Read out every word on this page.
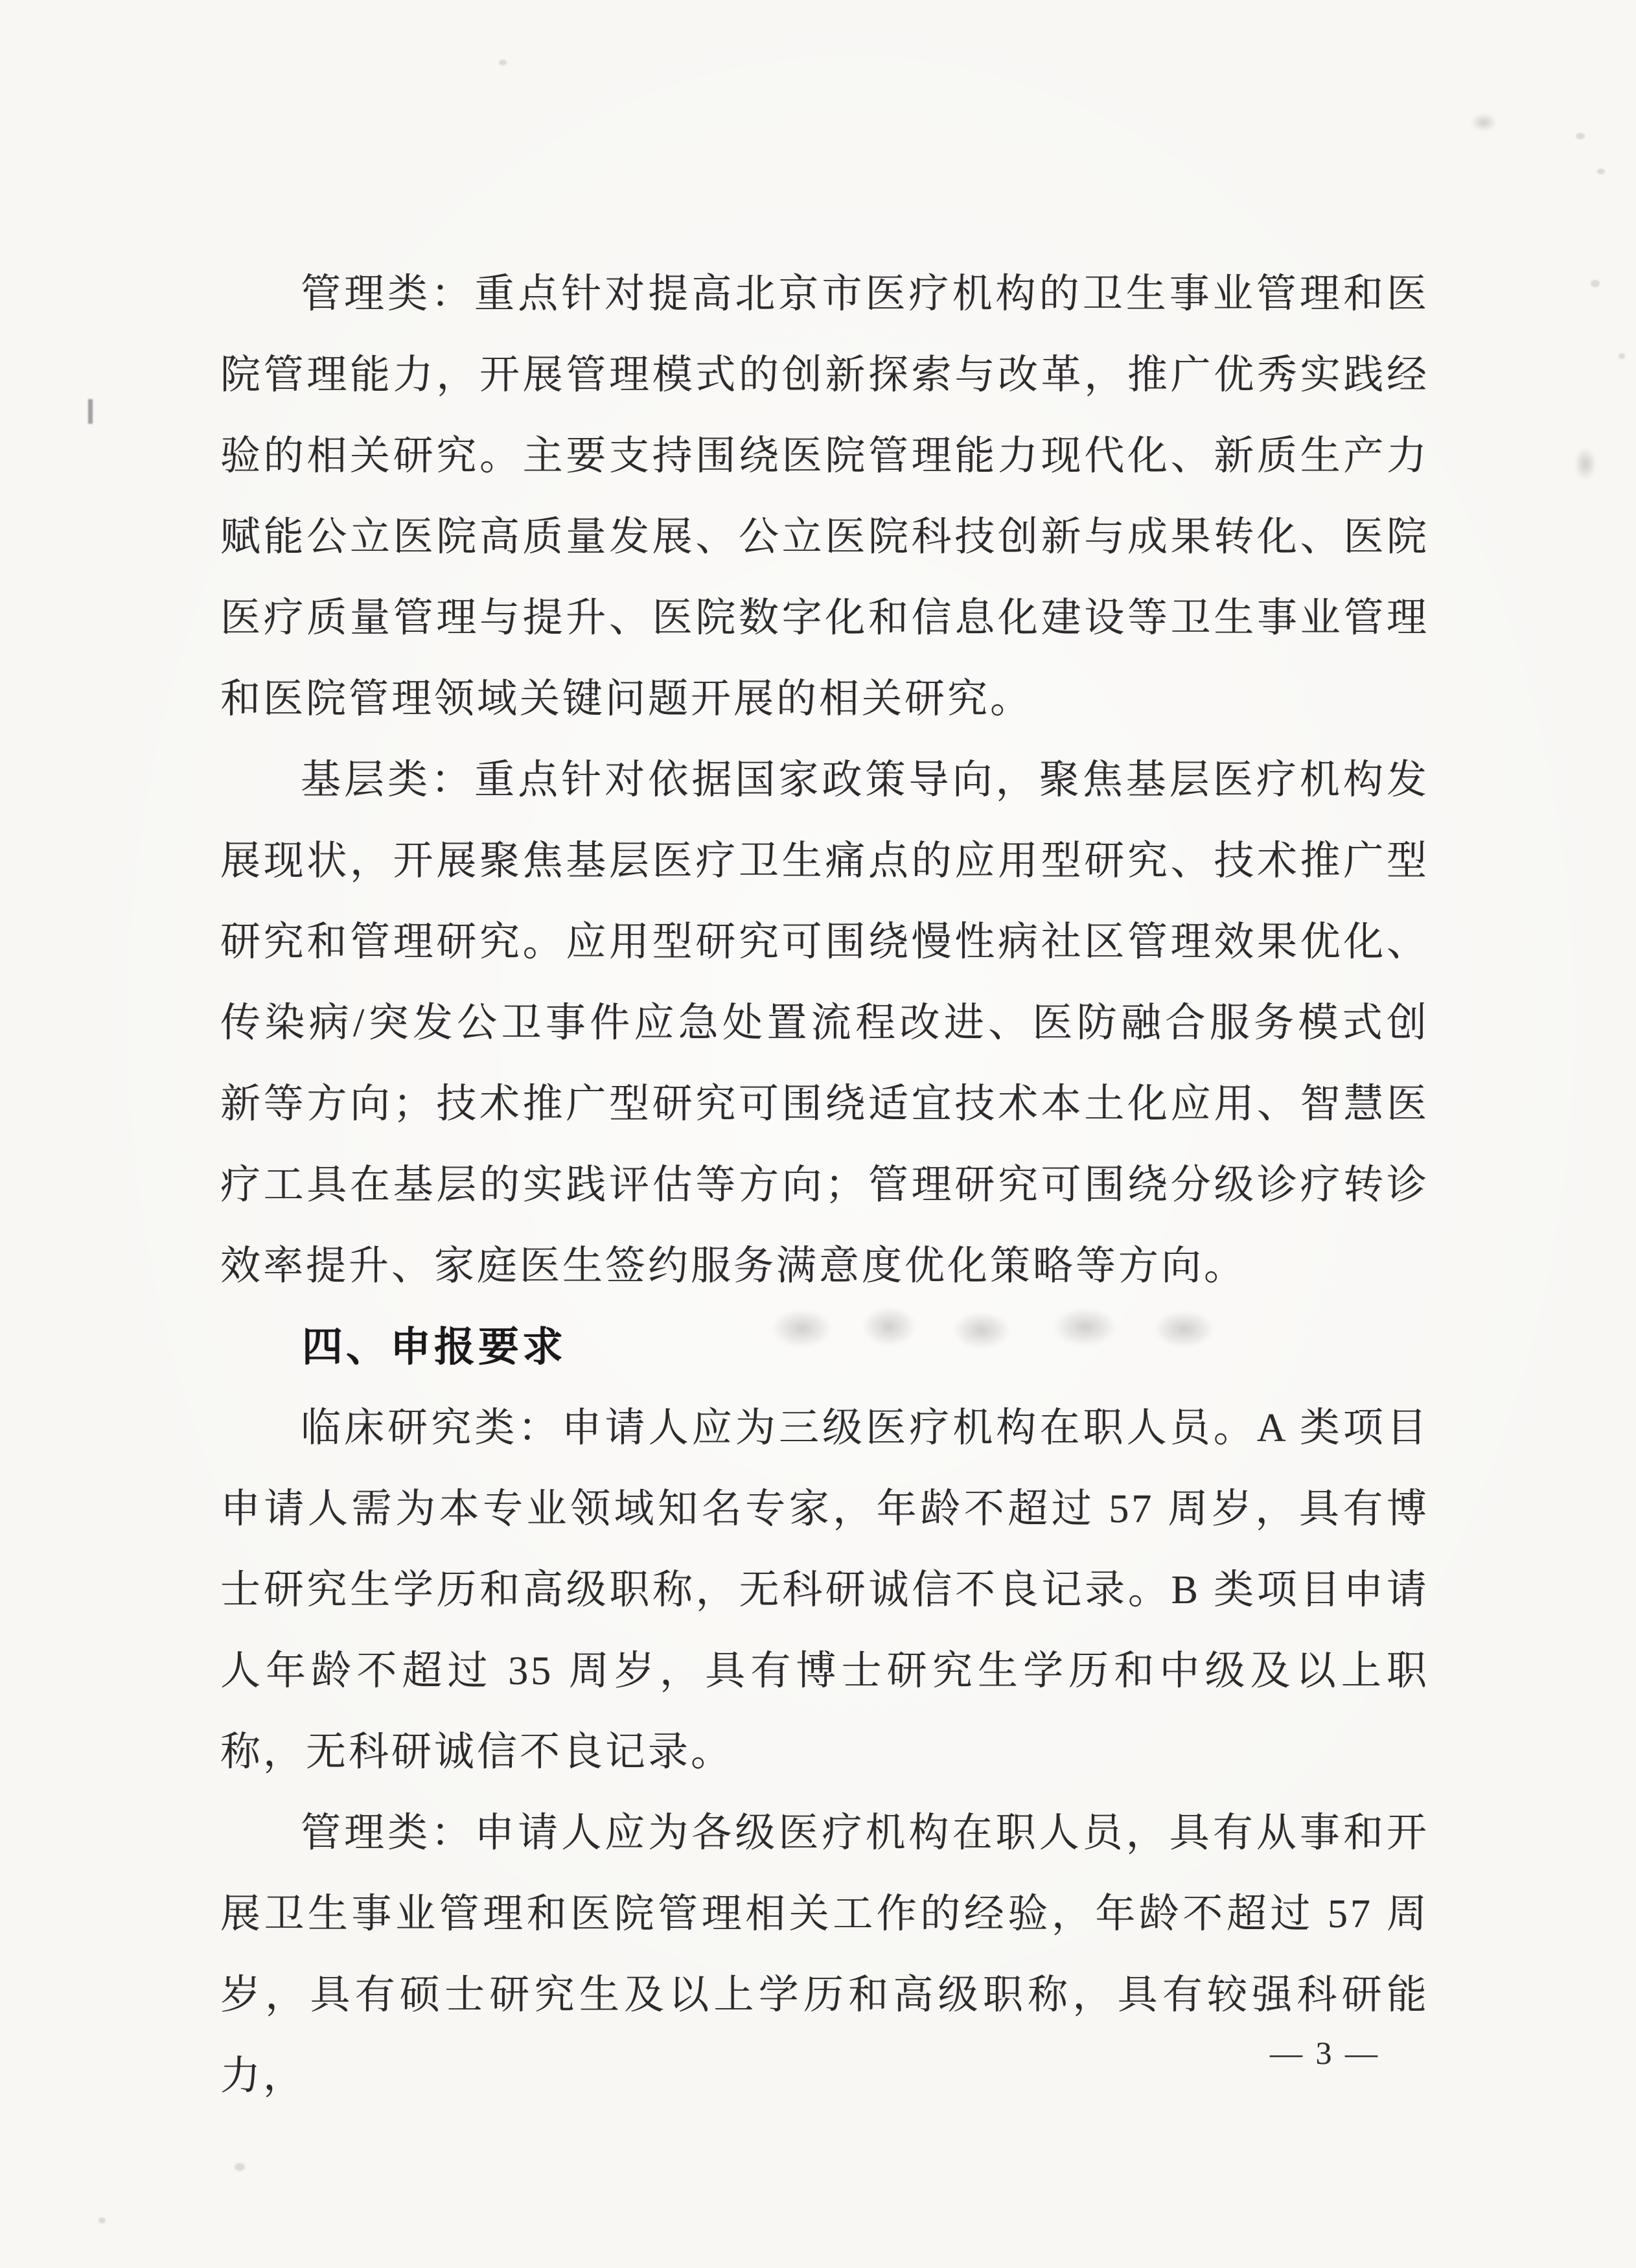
管理类：重点针对提高北京市医疗机构的卫生事业管理和医院管理能力，开展管理模式的创新探索与改革，推广优秀实践经验的相关研究。主要支持围绕医院管理能力现代化、新质生产力赋能公立医院高质量发展、公立医院科技创新与成果转化、医院医疗质量管理与提升、医院数字化和信息化建设等卫生事业管理和医院管理领域关键问题开展的相关研究。

基层类：重点针对依据国家政策导向，聚焦基层医疗机构发展现状，开展聚焦基层医疗卫生痛点的应用型研究、技术推广型研究和管理研究。应用型研究可围绕慢性病社区管理效果优化、传染病/突发公卫事件应急处置流程改进、医防融合服务模式创新等方向；技术推广型研究可围绕适宜技术本土化应用、智慧医疗工具在基层的实践评估等方向；管理研究可围绕分级诊疗转诊效率提升、家庭医生签约服务满意度优化策略等方向。

四、申报要求

临床研究类：申请人应为三级医疗机构在职人员。A 类项目申请人需为本专业领域知名专家，年龄不超过 57 周岁，具有博士研究生学历和高级职称，无科研诚信不良记录。B 类项目申请人年龄不超过 35 周岁，具有博士研究生学历和中级及以上职称，无科研诚信不良记录。

管理类：申请人应为各级医疗机构在职人员，具有从事和开展卫生事业管理和医院管理相关工作的经验，年龄不超过 57 周岁，具有硕士研究生及以上学历和高级职称，具有较强科研能力，

— 3 —
